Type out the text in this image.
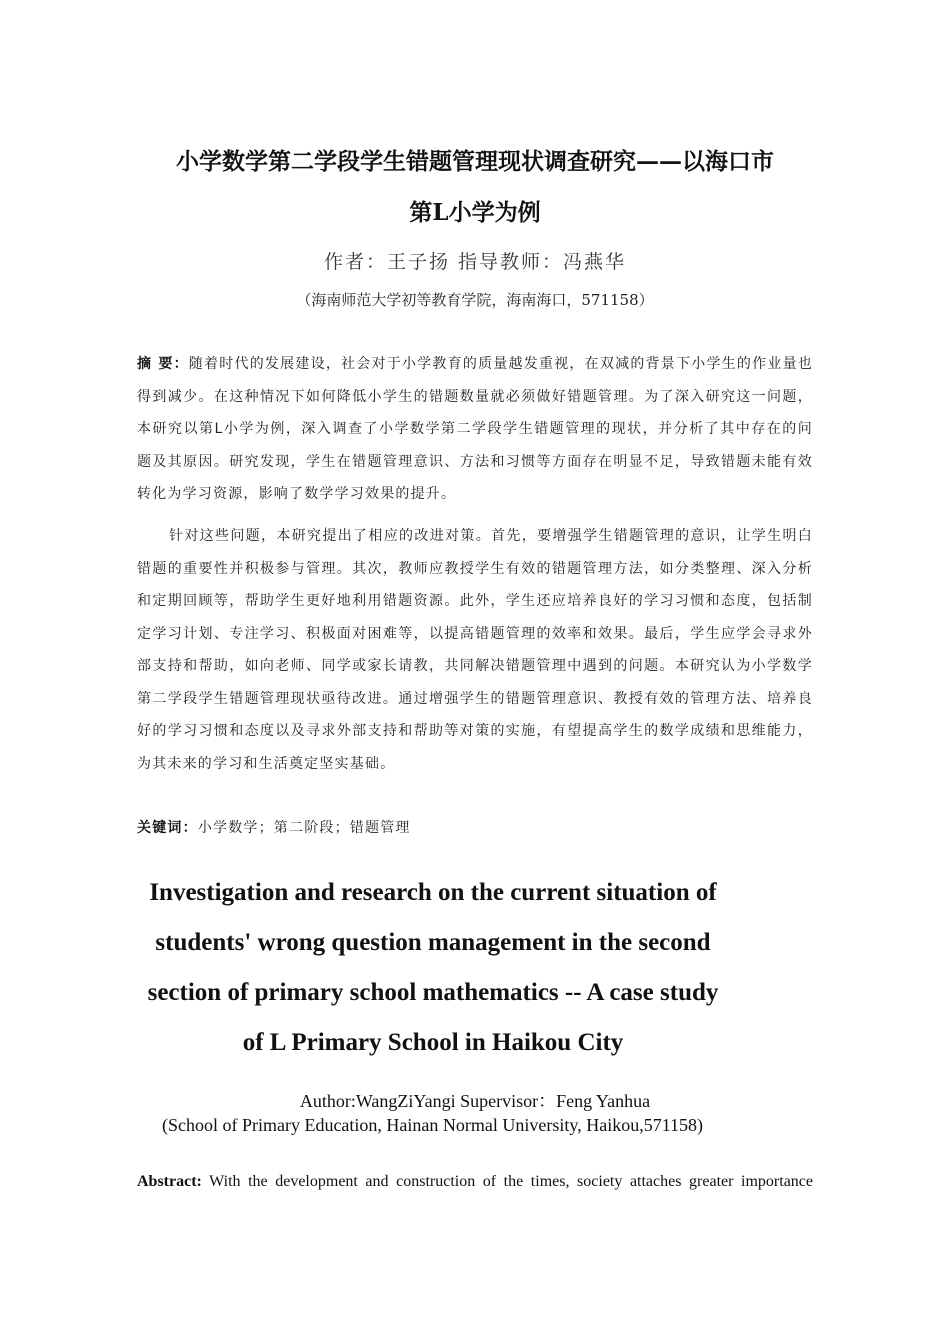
小学数学第二学段学生错题管理现状调查研究——以海口市
第L小学为例
作者：王子扬 指导教师：冯燕华
（海南师范大学初等教育学院，海南海口，571158）

摘 要：随着时代的发展建设，社会对于小学教育的质量越发重视，在双减的背景下小学生的作业量也得到减少。在这种情况下如何降低小学生的错题数量就必须做好错题管理。为了深入研究这一问题，本研究以第L小学为例，深入调查了小学数学第二学段学生错题管理的现状，并分析了其中存在的问题及其原因。研究发现，学生在错题管理意识、方法和习惯等方面存在明显不足，导致错题未能有效转化为学习资源，影响了数学学习效果的提升。

针对这些问题，本研究提出了相应的改进对策。首先，要增强学生错题管理的意识，让学生明白错题的重要性并积极参与管理。其次，教师应教授学生有效的错题管理方法，如分类整理、深入分析和定期回顾等，帮助学生更好地利用错题资源。此外，学生还应培养良好的学习习惯和态度，包括制定学习计划、专注学习、积极面对困难等，以提高错题管理的效率和效果。最后，学生应学会寻求外部支持和帮助，如向老师、同学或家长请教，共同解决错题管理中遇到的问题。本研究认为小学数学第二学段学生错题管理现状亟待改进。通过增强学生的错题管理意识、教授有效的管理方法、培养良好的学习习惯和态度以及寻求外部支持和帮助等对策的实施，有望提高学生的数学成绩和思维能力，为其未来的学习和生活奠定坚实基础。

关键词：小学数学；第二阶段；错题管理
Investigation and research on the current situation of
students' wrong question management in the second
section of primary school mathematics -- A case study
of L Primary School in Haikou City
Author:WangZiYangi Supervisor：Feng Yanhua
(School of Primary Education, Hainan Normal University, Haikou,571158)
Abstract: With the development and construction of the times, society attaches greater importance
